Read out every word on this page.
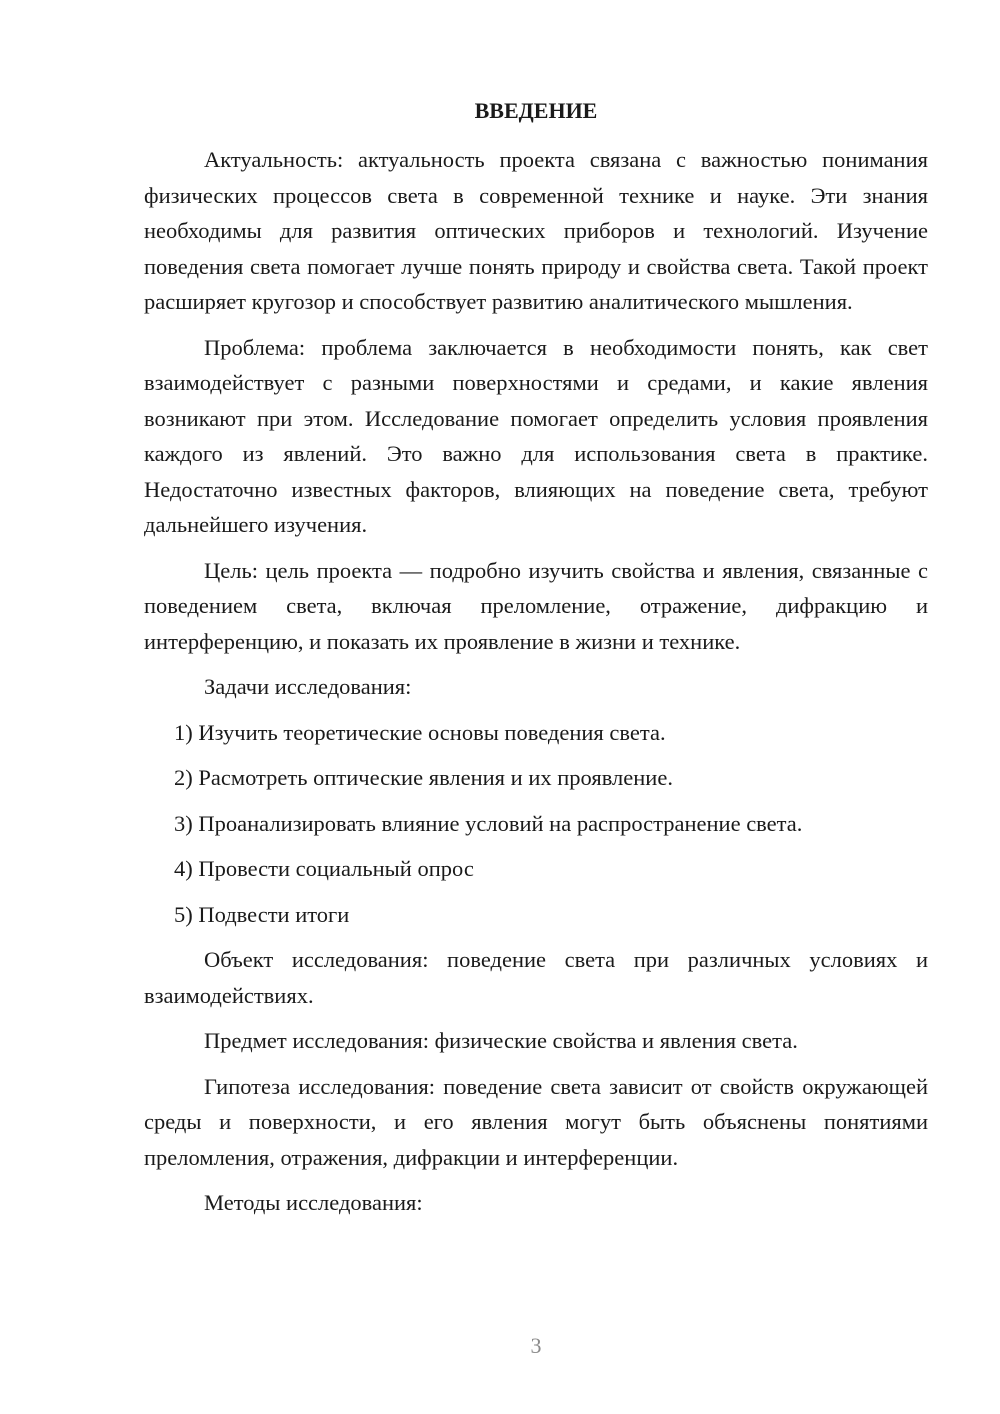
ВВЕДЕНИЕ

Актуальность: актуальность проекта связана с важностью понимания физических процессов света в современной технике и науке. Эти знания необходимы для развития оптических приборов и технологий. Изучение поведения света помогает лучше понять природу и свойства света. Такой проект расширяет кругозор и способствует развитию аналитического мышления.

Проблема: проблема заключается в необходимости понять, как свет взаимодействует с разными поверхностями и средами, и какие явления возникают при этом. Исследование помогает определить условия проявления каждого из явлений. Это важно для использования света в практике. Недостаточно известных факторов, влияющих на поведение света, требуют дальнейшего изучения.

Цель: цель проекта — подробно изучить свойства и явления, связанные с поведением света, включая преломление, отражение, дифракцию и интерференцию, и показать их проявление в жизни и технике.

Задачи исследования:

1) Изучить теоретические основы поведения света.
2) Расмотреть оптические явления и их проявление.
3) Проанализировать влияние условий на распространение света.
4) Провести социальный опрос
5) Подвести итоги

Объект исследования: поведение света при различных условиях и взаимодействиях.

Предмет исследования: физические свойства и явления света.

Гипотеза исследования: поведение света зависит от свойств окружающей среды и поверхности, и его явления могут быть объяснены понятиями преломления, отражения, дифракции и интерференции.

Методы исследования:

3
